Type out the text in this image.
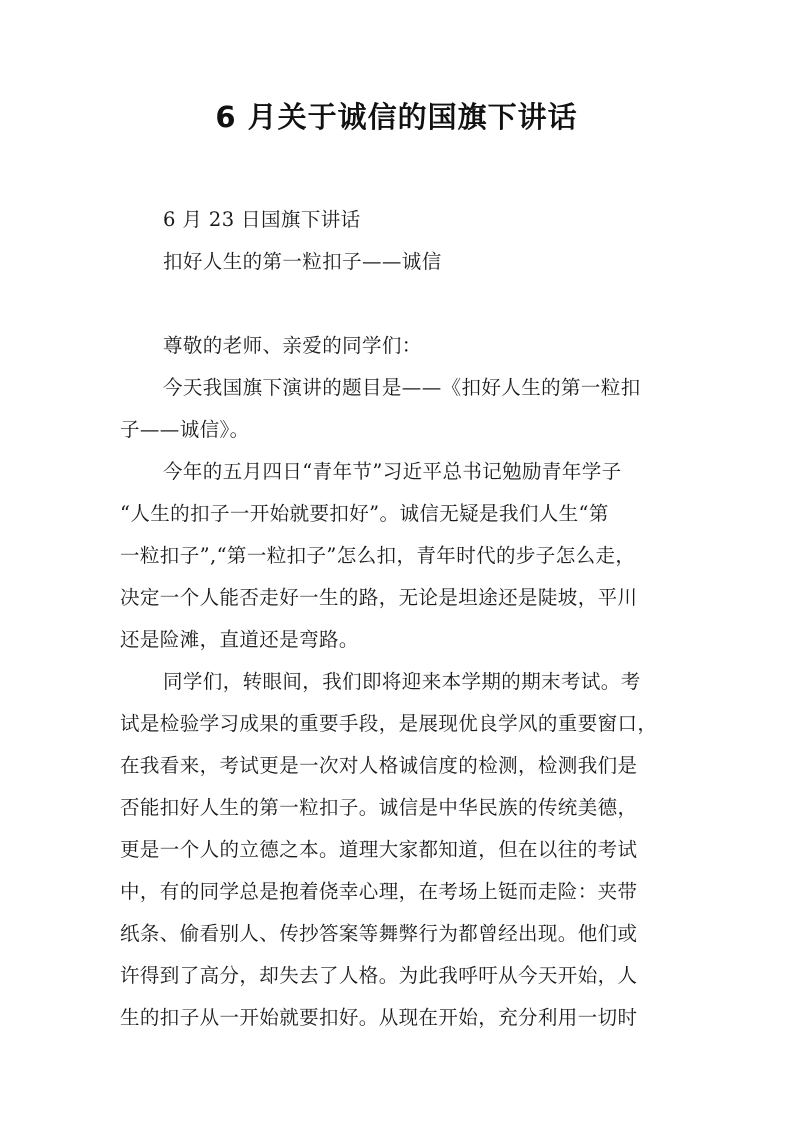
6 月关于诚信的国旗下讲话
6 月 23 日国旗下讲话
扣好人生的第一粒扣子——诚信
尊敬的老师、亲爱的同学们：
今天我国旗下演讲的题目是——《扣好人生的第一粒扣
子——诚信》。
今年的五月四日“青年节”习近平总书记勉励青年学子
“人生的扣子一开始就要扣好”。诚信无疑是我们人生“第
一粒扣子”,“第一粒扣子”怎么扣，青年时代的步子怎么走，
决定一个人能否走好一生的路，无论是坦途还是陡坡，平川
还是险滩，直道还是弯路。
同学们，转眼间，我们即将迎来本学期的期末考试。考
试是检验学习成果的重要手段，是展现优良学风的重要窗口，
在我看来，考试更是一次对人格诚信度的检测，检测我们是
否能扣好人生的第一粒扣子。诚信是中华民族的传统美德，
更是一个人的立德之本。道理大家都知道，但在以往的考试
中，有的同学总是抱着侥幸心理，在考场上铤而走险：夹带
纸条、偷看别人、传抄答案等舞弊行为都曾经出现。他们或
许得到了高分，却失去了人格。为此我呼吁从今天开始，人
生的扣子从一开始就要扣好。从现在开始，充分利用一切时
